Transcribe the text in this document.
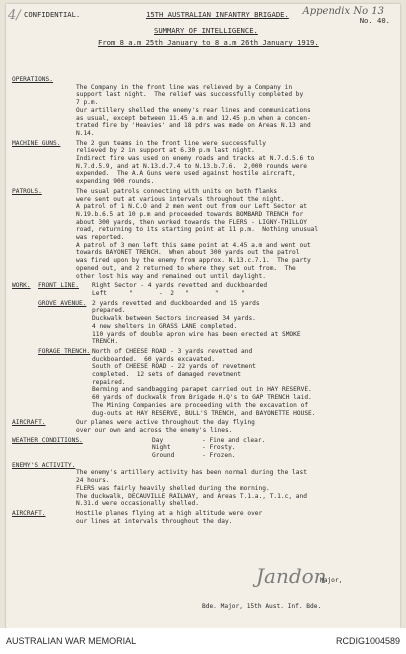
4/ CONFIDENTIAL.	15TH AUSTRALIAN INFANTRY BRIGADE. Appendix No 13
No. 40.
SUMMARY OF INTELLIGENCE.
From 8 a.m 25th January to 8 a.m 26th January 1919.
OPERATIONS.
The Company in the front line was relieved by a Company in
support last night.  The relief was successfully completed by
7 p.m.
Our artillery shelled the enemy's rear lines and communications
as usual, except between 11.45 a.m and 12.45 p.m when a concen-
trated fire by 'Heavies' and 18 pdrs was made on Areas N.13 and
N.14.
MACHINE GUNS.	The 2 gun teams in the front line were successfully
relieved by 2 in support at 6.30 p.m last night.
Indirect fire was used on enemy roads and tracks at N.7.d.5.6 to
N.7.d.5.9, and at N.13.d.7.4 to N.13.b.7.6.  2,000 rounds were
expended.  The A.A Guns were used against hostile aircraft,
expending 900 rounds.
PATROLS.	The usual patrols connecting with units on both flanks
were sent out at various intervals throughout the night.
A patrol of 1 N.C.O and 2 men went out from our Left Sector at
N.19.b.6.5 at 10 p.m and proceeded towards BOMBARD TRENCH for
about 300 yards, then worked towards the FLERS - LIGNY-THILLOY
road, returning to its starting point at 11 p.m.  Nothing unusual
was reported.
A patrol of 3 men left this same point at 4.45 a.m and went out
towards BAYONET TRENCH.  When about 300 yards out the patrol
was fired upon by the enemy from approx. N.13.c.7.1.  The party
opened out, and 2 returned to where they set out from.  The
other lost his way and remained out until daylight.
WORK.	FRONT LINE.	Right Sector - 4 yards revetted and duckboarded
Left      "       -  2   "       "      "
GROVE AVENUE. 2 yards revetted and duckboarded and 15 yards
prepared.
Duckwalk between Sectors increased 34 yards.
4 new shelters in GRASS LANE completed.
110 yards of double apron wire has been erected at SMOKE
TRENCH.
FORAGE TRENCH. North of CHEESE ROAD - 3 yards revetted and
duckboarded.  60 yards excavated.
South of CHEESE ROAD - 22 yards of revetment
completed.  12 sets of damaged revetment
repaired.
Berming and sandbagging parapet carried out in HAY RESERVE.
60 yards of duckwalk from Brigade H.Q's to GAP TRENCH laid.
The Mining Companies are proceeding with the excavation of
dug-outs at HAY RESERVE, BULL'S TRENCH, and BAYONETTE HOUSE.
AIRCRAFT.	Our planes were active throughout the day flying
over our own and across the enemy's lines.
WEATHER CONDITIONS.	Day	- Fine and clear.
Night	- Frosty.
Ground	- Frozen.
ENEMY'S ACTIVITY.
The enemy's artillery activity has been normal during the last
24 hours.
FLERS was fairly heavily shelled during the morning.
The duckwalk, DECAUVILLE RAILWAY, and Areas T.1.a., T.1.c, and
N.31.d were occasionally shelled.
AIRCRAFT.	Hostile planes flying at a high altitude were over
our lines at intervals throughout the day.
Jandon
Major,
Bde. Major, 15th Aust. Inf. Bde.
AUSTRALIAN WAR MEMORIAL	RCDIG1004589
